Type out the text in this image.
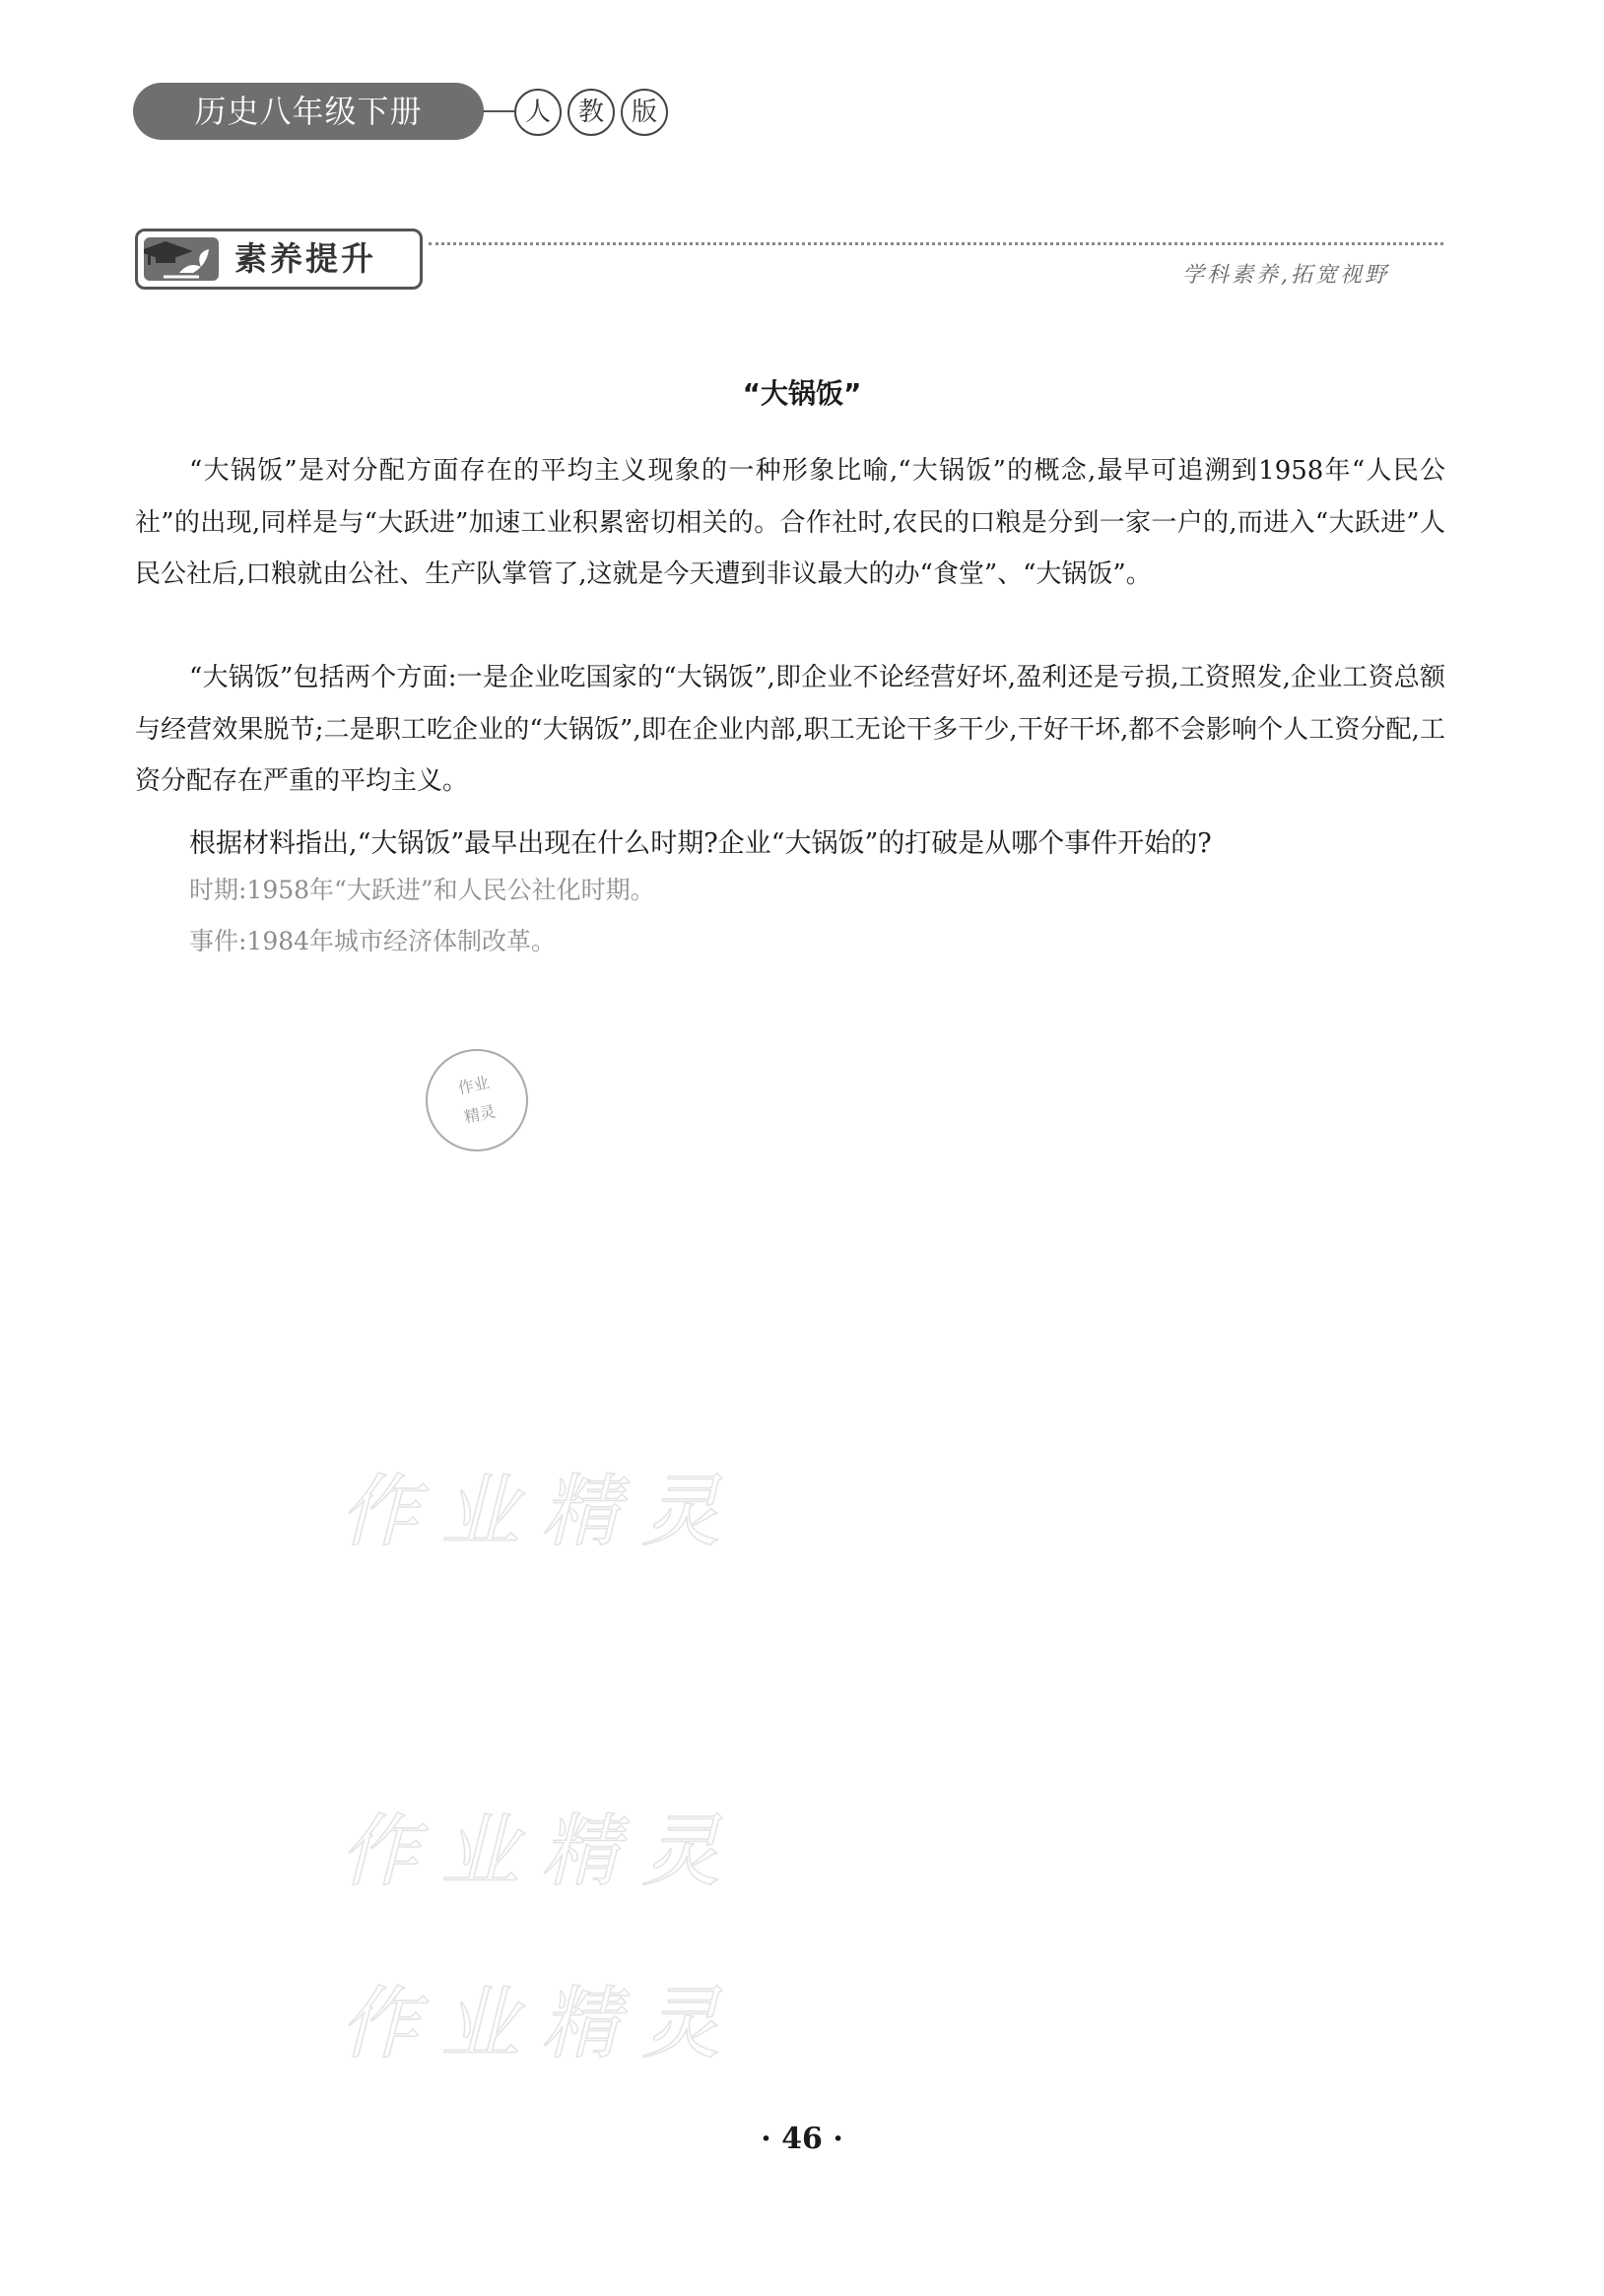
历史八年级下册	人	教	版
素养提升	学科素养,拓宽视野
“大锅饭”

“大锅饭”是对分配方面存在的平均主义现象的一种形象比喻,“大锅饭”的概念,最早可追溯到1958年“人民公社”的出现,同样是与“大跃进”加速工业积累密切相关的。合作社时,农民的口粮是分到一家一户的,而进入“大跃进”人民公社后,口粮就由公社、生产队掌管了,这就是今天遭到非议最大的办“食堂”、“大锅饭”。

“大锅饭”包括两个方面:一是企业吃国家的“大锅饭”,即企业不论经营好坏,盈利还是亏损,工资照发,企业工资总额与经营效果脱节;二是职工吃企业的“大锅饭”,即在企业内部,职工无论干多干少,干好干坏,都不会影响个人工资分配,工资分配存在严重的平均主义。

根据材料指出,“大锅饭”最早出现在什么时期?企业“大锅饭”的打破是从哪个事件开始的?
时期:1958年“大跃进”和人民公社化时期。
事件:1984年城市经济体制改革。
作业
精灵
作业精灵
作业精灵
作业精灵
· 46 ·
